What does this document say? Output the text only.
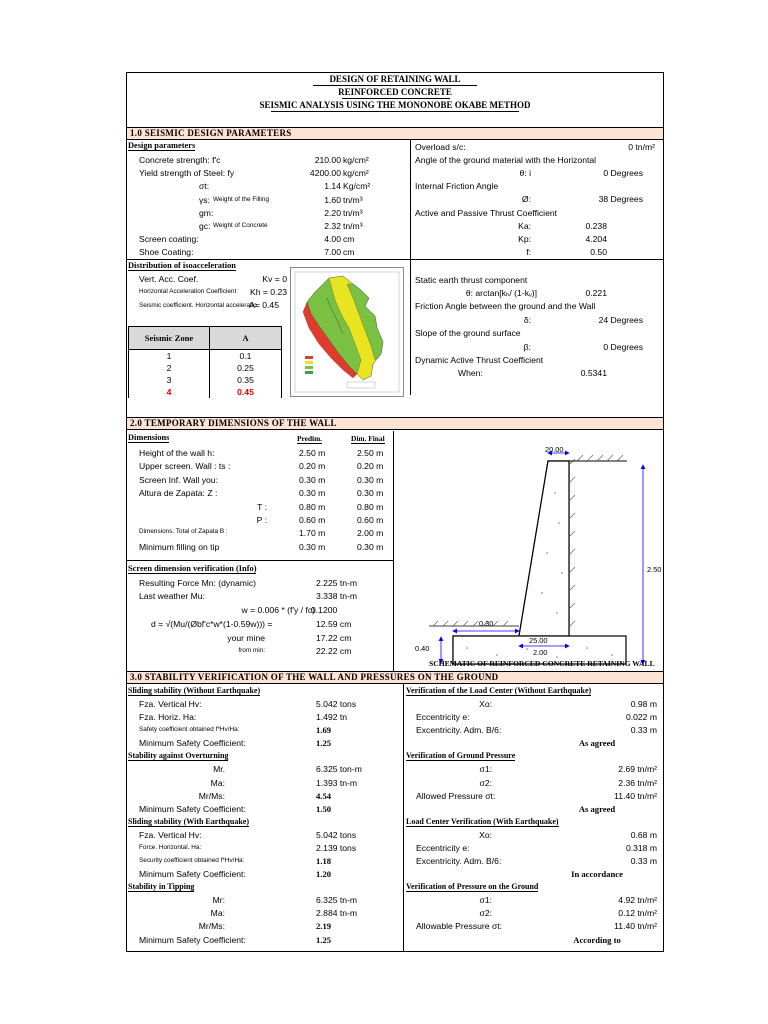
DESIGN OF RETAINING WALL
REINFORCED CONCRETE
SEISMIC ANALYSIS USING THE MONONOBE OKABE METHOD
1.0 SEISMIC DESIGN PARAMETERS
Design parameters
Concrete strength: f'c	210.00 kg/cm²
Yield strength of Steel: fy	4200.00 kg/cm²
σt:	1.14 Kg/cm²
γs: Weight of the Filling	1.60 tn/m³
gm:	2.20 tn/m³
gc: Weight of Concrete	2.32 tn/m³
Screen coating:	4.00 cm
Shoe Coating:	7.00 cm
Overload s/c:	0 tn/m²
Angle of the ground material with the Horizontal
θ: i	0 Degrees
Internal Friction Angle
Ø:	38 Degrees
Active and Passive Thrust Coefficient
Ka:	0.238
Kp:	4.204
f:	0.50
Distribution of isoacceleration
Vert. Acc. Coef.	Kv = 0
Horizontal Acceleration Coefficient	Kh = 0.23
Seismic coefficient. Horizontal acceleratio
A= 0.45
Seismic Zone	A
1	0.1
2	0.25
3	0.35
4	0.45
Static earth thrust component
θ: arctan[kₕ/ (1-kᵥ)]	0.221
Friction Angle between the ground and the Wall
δ:	24 Degrees
Slope of the ground surface
β:	0 Degrees
Dynamic Active Thrust Coefficient
When:	0.5341
2.0 TEMPORARY DIMENSIONS OF THE WALL
Dimensions	Predim.	Dim. Final
Height of the wall h:	2.50 m	2.50 m
Upper screen. Wall : ts :	0.20 m	0.20 m
Screen Inf. Wall you:	0.30 m	0.30 m
Altura de Zapata: Z :	0.30 m	0.30 m
T :	0.80 m	0.80 m
P :	0.60 m	0.60 m
Dimensions. Total of Zapata B :	1.70 m	2.00 m
Minimum filling on tip	0.30 m	0.30 m
Screen dimension verification (Info)
Resulting Force Mn: (dynamic)	2.225 tn-m
Last weather Mu:	3.338 tn-m
w = 0.006 * (f'y / fc)
0.1200
d = √(Mu/(Øbf'c*w*(1-0.59w))) =	12.59 cm
your mine	17.22 cm
from min:	22.22 cm
20.00
2.50
0.30
25.00
0.40	2.00
SCHEMATIC OF REINFORCED CONCRETE RETAINING WALL
3.0 STABILITY VERIFICATION OF THE WALL AND PRESSURES ON THE GROUND
Sliding stability (Without Earthquake)
Fza. Vertical Hv:	5.042 tons
Fza. Horiz. Ha:	1.492 tn
Safety coefficient obtained f*Hv/Ha:	1.69
Minimum Safety Coefficient:	1.25
Stability against Overturning
Mr.	6.325 ton-m
Ma:	1.393 tn-m
Mr/Ms:	4.54
Minimum Safety Coefficient:	1.50
Sliding stability (With Earthquake)
Fza. Vertical Hv:	5.042 tons
Force. Horizontal. Ha:	2.139 tons
Security coefficient obtained f*Hv/Ha:	1.18
Minimum Safety Coefficient:	1.20
Stability in Tipping
Mr:	6.325 tn-m
Ma:	2.884 tn-m
Mr/Ms:	2.19
Minimum Safety Coefficient:	1.25
Verification of the Load Center (Without Earthquake)
Xo:	0.98 m
Eccentricity e:	0.022 m
Excentricity. Adm. B/6:	0.33 m
As agreed
Verification of Ground Pressure
σ1:	2.69 tn/m²
σ2:	2.36 tn/m²
Allowed Pressure σt:	11.40 tn/m²
As agreed
Load Center Verification (With Earthquake)
Xo:	0.68 m
Eccentricity e:	0.318 m
Excentricity. Adm. B/6:	0.33 m
In accordance
Verification of Pressure on the Ground
σ1:	4.92 tn/m²
σ2:	0.12 tn/m²
Allowable Pressure σt:	11.40 tn/m²
According to
